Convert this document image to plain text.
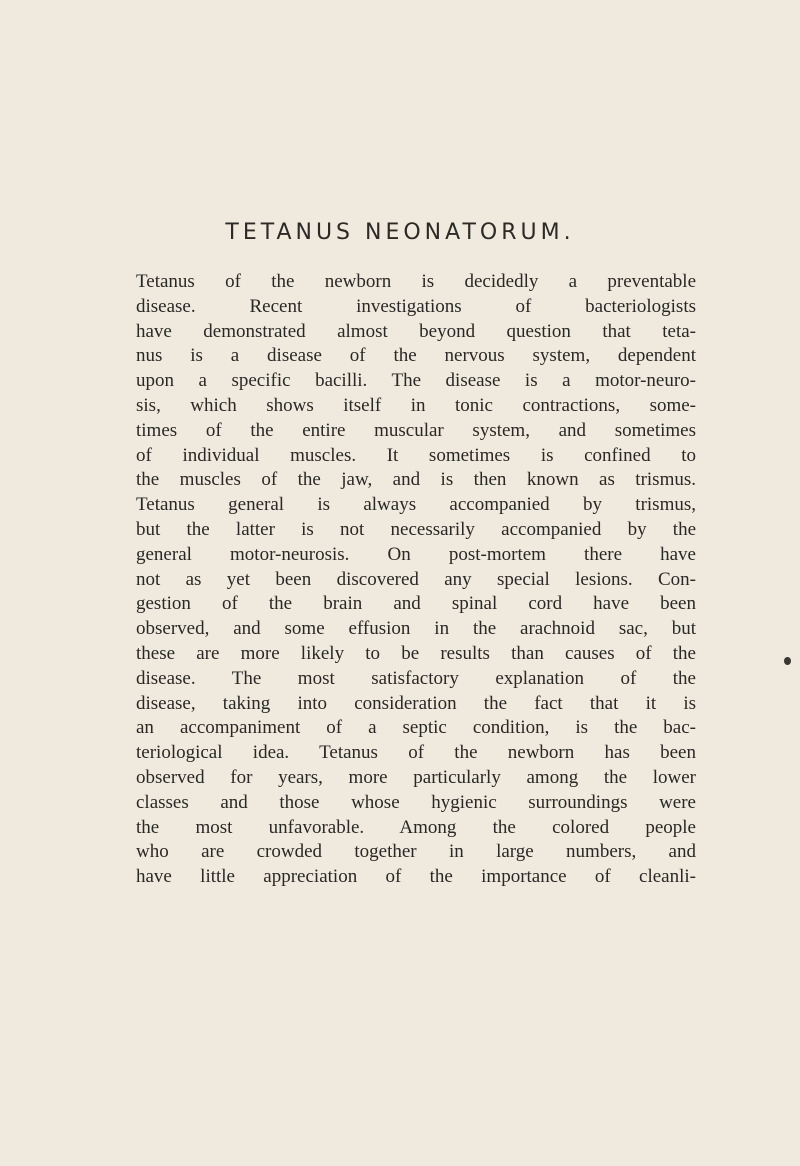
TETANUS NEONATORUM.
Tetanus of the newborn is decidedly a preventable
disease. Recent investigations of bacteriologists
have demonstrated almost beyond question that teta-
nus is a disease of the nervous system, dependent
upon a specific bacilli. The disease is a motor-neuro-
sis, which shows itself in tonic contractions, some-
times of the entire muscular system, and sometimes
of individual muscles. It sometimes is confined to
the muscles of the jaw, and is then known as trismus.
Tetanus general is always accompanied by trismus,
but the latter is not necessarily accompanied by the
general motor-neurosis. On post-mortem there have
not as yet been discovered any special lesions. Con-
gestion of the brain and spinal cord have been
observed, and some effusion in the arachnoid sac, but
these are more likely to be results than causes of the
disease. The most satisfactory explanation of the
disease, taking into consideration the fact that it is
an accompaniment of a septic condition, is the bac-
teriological idea. Tetanus of the newborn has been
observed for years, more particularly among the lower
classes and those whose hygienic surroundings were
the most unfavorable. Among the colored people
who are crowded together in large numbers, and
have little appreciation of the importance of cleanli-
